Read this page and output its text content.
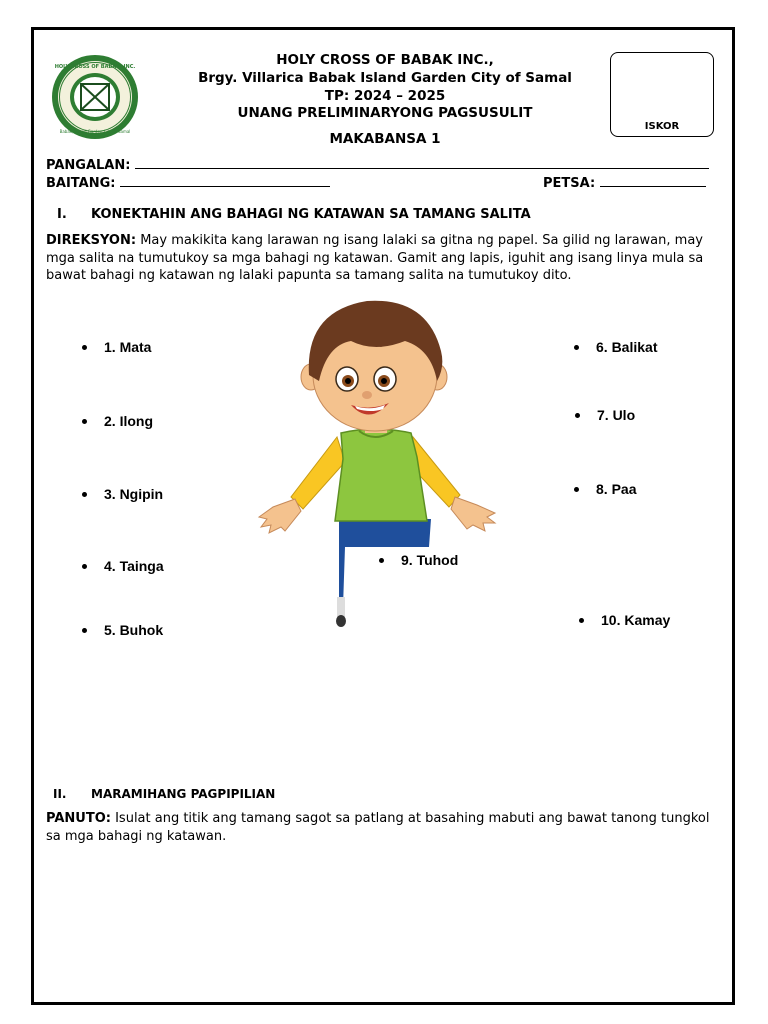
HOLY CROSS OF BABAK, INC.
Babak, Island Garden City of Samal
HOLY CROSS OF BABAK INC.,
Brgy. Villarica Babak Island Garden City of Samal
TP: 2024 – 2025
UNANG PRELIMINARYONG PAGSUSULIT
MAKABANSA 1
ISKOR
PANGALAN:
BAITANG:	PETSA:
I. KONEKTAHIN ANG BAHAGI NG KATAWAN SA TAMANG SALITA
DIREKSYON: May makikita kang larawan ng isang lalaki sa gitna ng papel. Sa gilid ng larawan, may mga salita na tumutukoy sa mga bahagi ng katawan. Gamit ang lapis, iguhit ang isang linya mula sa bawat bahagi ng katawan ng lalaki papunta sa tamang salita na tumutukoy dito.
1. Mata
2. Ilong
3. Ngipin
4. Tainga
5. Buhok
6. Balikat
7. Ulo
8. Paa
9. Tuhod
10. Kamay
II. MARAMIHANG PAGPIPILIAN
PANUTO: Isulat ang titik ang tamang sagot sa patlang at basahing mabuti ang bawat tanong tungkol sa mga bahagi ng katawan.
